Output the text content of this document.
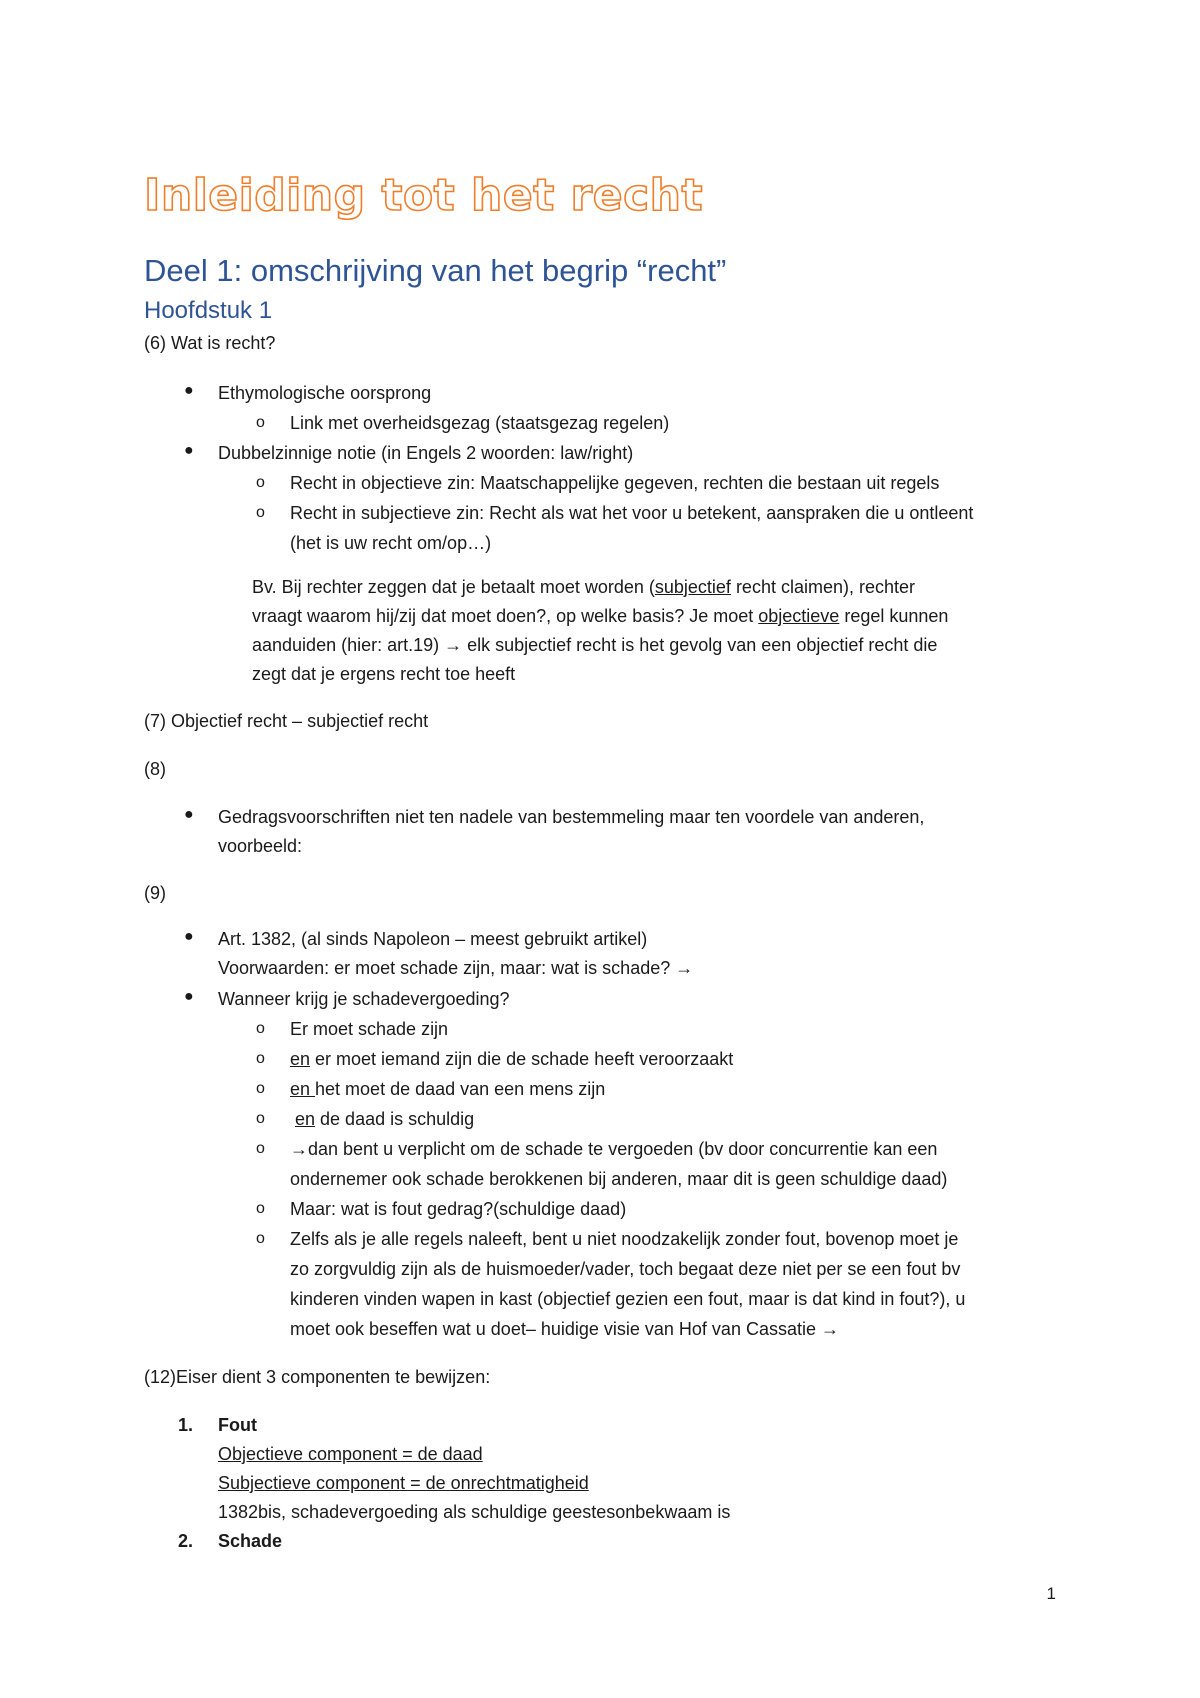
Inleiding tot het recht
Deel 1: omschrijving van het begrip “recht”
Hoofdstuk 1

(6) Wat is recht?

● Ethymologische oorsprong

o Link met overheidsgezag (staatsgezag regelen)

● Dubbelzinnige notie (in Engels 2 woorden: law/right)

o Recht in objectieve zin: Maatschappelijke gegeven, rechten die bestaan uit regels

o Recht in subjectieve zin: Recht als wat het voor u betekent, aanspraken die u ontleent

(het is uw recht om/op…)

Bv. Bij rechter zeggen dat je betaalt moet worden (subjectief recht claimen), rechter

vraagt waarom hij/zij dat moet doen?, op welke basis? Je moet objectieve regel kunnen

aanduiden (hier: art.19) → elk subjectief recht is het gevolg van een objectief recht die

zegt dat je ergens recht toe heeft

(7) Objectief recht – subjectief recht

(8)

● Gedragsvoorschriften niet ten nadele van bestemmeling maar ten voordele van anderen,

voorbeeld:

(9)

● Art. 1382, (al sinds Napoleon – meest gebruikt artikel)

Voorwaarden: er moet schade zijn, maar: wat is schade? →

● Wanneer krijg je schadevergoeding?

o Er moet schade zijn

o en er moet iemand zijn die de schade heeft veroorzaakt

o en het moet de daad van een mens zijn

o en de daad is schuldig

o →dan bent u verplicht om de schade te vergoeden (bv door concurrentie kan een

ondernemer ook schade berokkenen bij anderen, maar dit is geen schuldige daad)

o Maar: wat is fout gedrag?(schuldige daad)

o Zelfs als je alle regels naleeft, bent u niet noodzakelijk zonder fout, bovenop moet je

zo zorgvuldig zijn als de huismoeder/vader, toch begaat deze niet per se een fout bv

kinderen vinden wapen in kast (objectief gezien een fout, maar is dat kind in fout?), u

moet ook beseffen wat u doet– huidige visie van Hof van Cassatie →

(12)Eiser dient 3 componenten te bewijzen:

1. Fout

Objectieve component = de daad

Subjectieve component = de onrechtmatigheid

1382bis, schadevergoeding als schuldige geestesonbekwaam is

2. Schade

1
